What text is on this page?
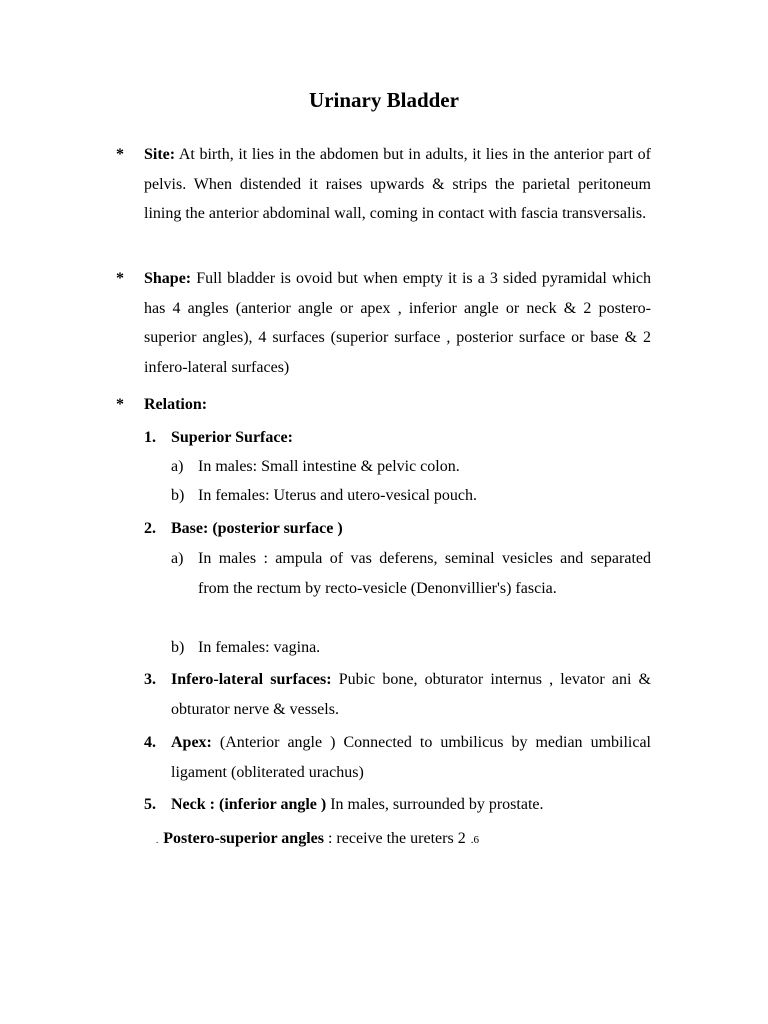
Urinary Bladder
* Site: At birth, it lies in the abdomen but in adults, it lies in the anterior part of pelvis. When distended it raises upwards & strips the parietal peritoneum lining the anterior abdominal wall, coming in contact with fascia transversalis.
* Shape: Full bladder is ovoid but when empty it is a 3 sided pyramidal which has 4 angles (anterior angle or apex , inferior angle or neck & 2 postero- superior angles), 4 surfaces (superior surface , posterior surface or base & 2 infero-lateral surfaces)
* Relation:
1. Superior Surface:
a) In males: Small intestine & pelvic colon.
b) In females: Uterus and utero-vesical pouch.
2. Base: (posterior surface )
a) In males : ampula of vas deferens, seminal vesicles and separated from the rectum by recto-vesicle (Denonvillier's) fascia.
b) In females: vagina.
3. Infero-lateral surfaces: Pubic bone, obturator internus , levator ani & obturator nerve & vessels.
4. Apex: (Anterior angle ) Connected to umbilicus by median umbilical ligament (obliterated urachus)
5. Neck : (inferior angle ) In males, surrounded by prostate.
. Postero-superior angles : receive the ureters 2 .6
